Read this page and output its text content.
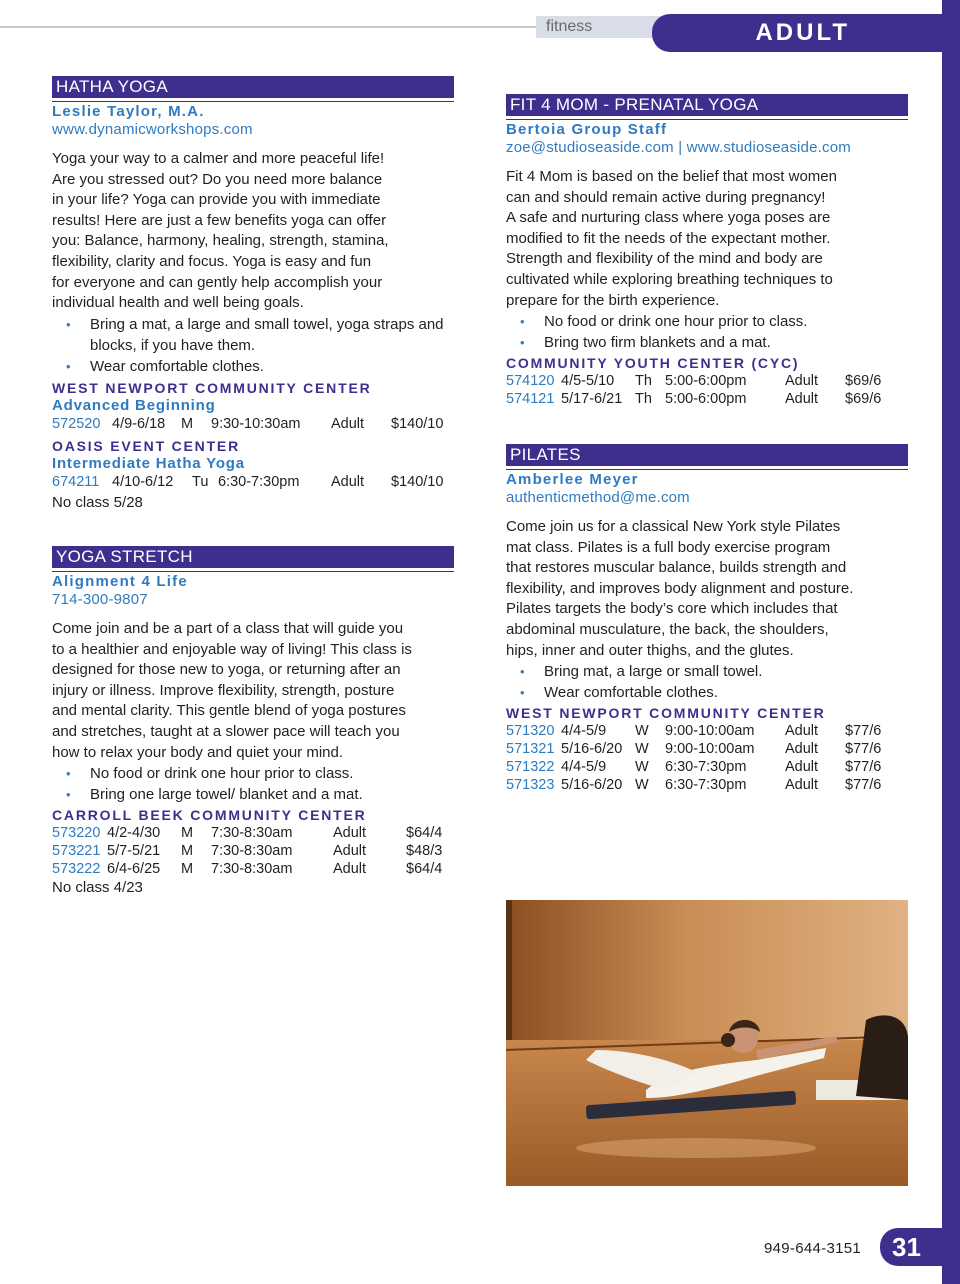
fitness	ADULT
HATHA YOGA
Leslie Taylor, M.A.
www.dynamicworkshops.com
Yoga your way to a calmer and more peaceful life!
Are you stressed out? Do you need more balance
in your life? Yoga can provide you with immediate
results! Here are just a few benefits yoga can offer
you: Balance, harmony, healing, strength, stamina,
flexibility, clarity and focus. Yoga is easy and fun
for everyone and can gently help accomplish your
individual health and well being goals.
• Bring a mat, a large and small towel, yoga straps and blocks, if you have them.
• Wear comfortable clothes.
WEST NEWPORT COMMUNITY CENTER
Advanced Beginning
572520 4/9-6/18 M 9:30-10:30am Adult $140/10
OASIS EVENT CENTER
Intermediate Hatha Yoga
674211 4/10-6/12 Tu 6:30-7:30pm Adult $140/10
No class 5/28
YOGA STRETCH
Alignment 4 Life
714-300-9807
Come join and be a part of a class that will guide you
to a healthier and enjoyable way of living! This class is
designed for those new to yoga, or returning after an
injury or illness. Improve flexibility, strength, posture
and mental clarity. This gentle blend of yoga postures
and stretches, taught at a slower pace will teach you
how to relax your body and quiet your mind.
• No food or drink one hour prior to class.
• Bring one large towel/ blanket and a mat.
CARROLL BEEK COMMUNITY CENTER
573220 4/2-4/30 M 7:30-8:30am	Adult	$64/4
573221 5/7-5/21 M 7:30-8:30am	Adult	$48/3
573222 6/4-6/25 M 7:30-8:30am	Adult	$64/4
No class 4/23
FIT 4 MOM - PRENATAL YOGA
Bertoia Group Staff
zoe@studioseaside.com | www.studioseaside.com
Fit 4 Mom is based on the belief that most women
can and should remain active during pregnancy!
A safe and nurturing class where yoga poses are
modified to fit the needs of the expectant mother.
Strength and flexibility of the mind and body are
cultivated while exploring breathing techniques to
prepare for the birth experience.
• No food or drink one hour prior to class.
• Bring two firm blankets and a mat.
COMMUNITY YOUTH CENTER (CYC)
574120 4/5-5/10 Th 5:00-6:00pm	Adult $69/6
574121 5/17-6/21 Th 5:00-6:00pm	Adult $69/6
PILATES
Amberlee Meyer
authenticmethod@me.com
Come join us for a classical New York style Pilates
mat class. Pilates is a full body exercise program
that restores muscular balance, builds strength and
flexibility, and improves body alignment and posture.
Pilates targets the body’s core which includes that
abdominal musculature, the back, the shoulders,
hips, inner and outer thighs, and the glutes.
• Bring mat, a large or small towel.
• Wear comfortable clothes.
WEST NEWPORT COMMUNITY CENTER
571320 4/4-5/9 W 9:00-10:00am Adult $77/6
571321 5/16-6/20 W 9:00-10:00am Adult $77/6
571322 4/4-5/9 W 6:30-7:30pm	Adult $77/6
571323 5/16-6/20 W 6:30-7:30pm	Adult $77/6
949-644-3151	31
